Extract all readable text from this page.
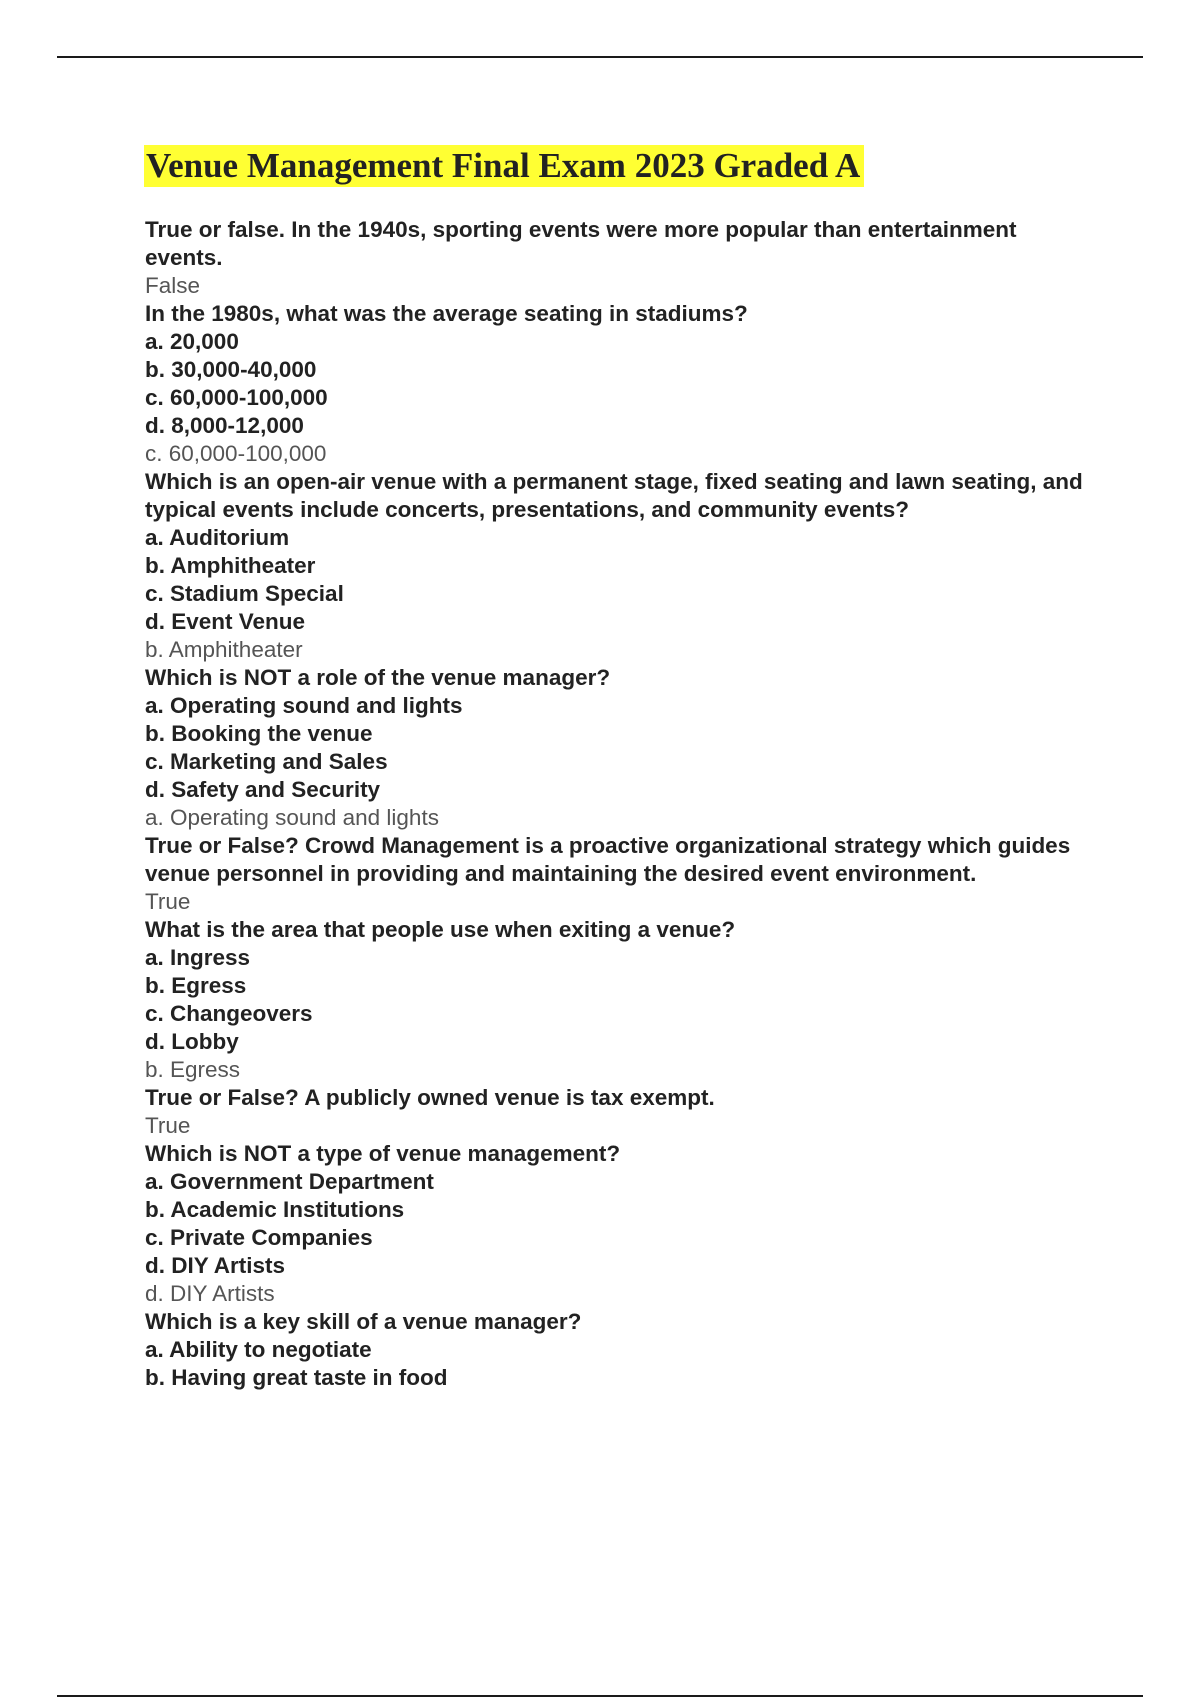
Venue Management Final Exam 2023 Graded A

True or false. In the 1940s, sporting events were more popular than entertainment events.

False

In the 1980s, what was the average seating in stadiums?

a. 20,000

b. 30,000-40,000

c. 60,000-100,000

d. 8,000-12,000

c. 60,000-100,000

Which is an open-air venue with a permanent stage, fixed seating and lawn seating, and typical events include concerts, presentations, and community events?

a. Auditorium

b. Amphitheater

c. Stadium Special

d. Event Venue

b. Amphitheater

Which is NOT a role of the venue manager?

a. Operating sound and lights

b. Booking the venue

c. Marketing and Sales

d. Safety and Security

a. Operating sound and lights

True or False? Crowd Management is a proactive organizational strategy which guides venue personnel in providing and maintaining the desired event environment.

True

What is the area that people use when exiting a venue?

a. Ingress

b. Egress

c. Changeovers

d. Lobby

b. Egress

True or False? A publicly owned venue is tax exempt.

True

Which is NOT a type of venue management?

a. Government Department

b. Academic Institutions

c. Private Companies

d. DIY Artists

d. DIY Artists

Which is a key skill of a venue manager?

a. Ability to negotiate

b. Having great taste in food
